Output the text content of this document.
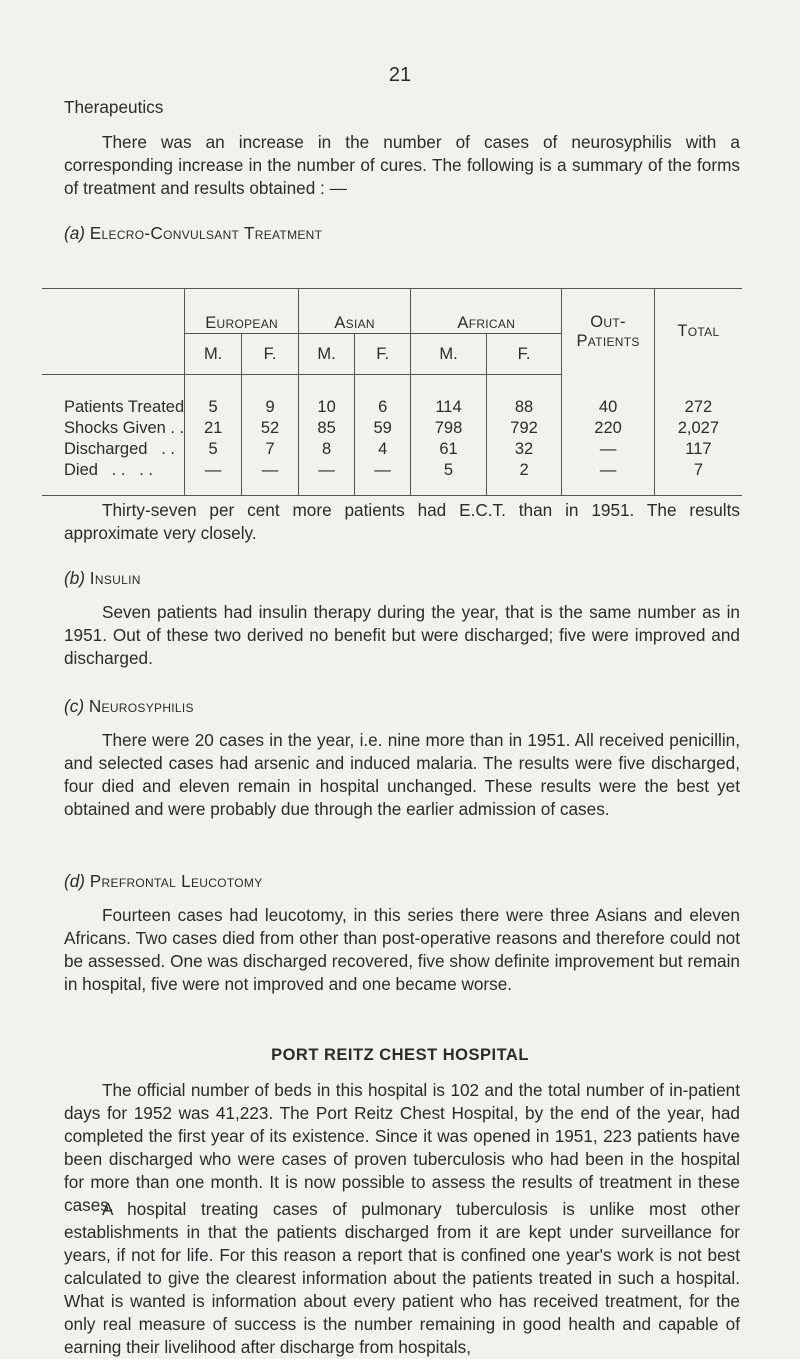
21

Therapeutics

There was an increase in the number of cases of neurosyphilis with a corresponding increase in the number of cures. The following is a summary of the forms of treatment and results obtained : —

(a) Elecro-Convulsant Treatment

	European		Asian		African		Out-Patients	Total
	M.	F.	M.	F.	M.	F.		
Patients Treated	5	9	10	6	114	88	40	272
Shocks Given . .	21	52	85	59	798	792	220	2,027
Discharged   . .	5	7	8	4	61	32	—	117
Died   . .   . .	—	—	—	—	5	2	—	7

Thirty-seven per cent more patients had E.C.T. than in 1951. The results approximate very closely.

(b) Insulin

Seven patients had insulin therapy during the year, that is the same number as in 1951. Out of these two derived no benefit but were discharged; five were improved and discharged.

(c) Neurosyphilis

There were 20 cases in the year, i.e. nine more than in 1951. All received penicillin, and selected cases had arsenic and induced malaria. The results were five discharged, four died and eleven remain in hospital unchanged. These results were the best yet obtained and were probably due through the earlier admission of cases.

(d) Prefrontal Leucotomy

Fourteen cases had leucotomy, in this series there were three Asians and eleven Africans. Two cases died from other than post-operative reasons and therefore could not be assessed. One was discharged recovered, five show definite improvement but remain in hospital, five were not improved and one became worse.

PORT REITZ CHEST HOSPITAL

The official number of beds in this hospital is 102 and the total number of in-patient days for 1952 was 41,223. The Port Reitz Chest Hospital, by the end of the year, had completed the first year of its existence. Since it was opened in 1951, 223 patients have been discharged who were cases of proven tuberculosis who had been in the hospital for more than one month. It is now possible to assess the results of treatment in these cases.

A hospital treating cases of pulmonary tuberculosis is unlike most other establishments in that the patients discharged from it are kept under surveillance for years, if not for life. For this reason a report that is confined one year's work is not best calculated to give the clearest information about the patients treated in such a hospital. What is wanted is information about every patient who has received treatment, for the only real measure of success is the number remaining in good health and capable of earning their livelihood after discharge from hospitals,
